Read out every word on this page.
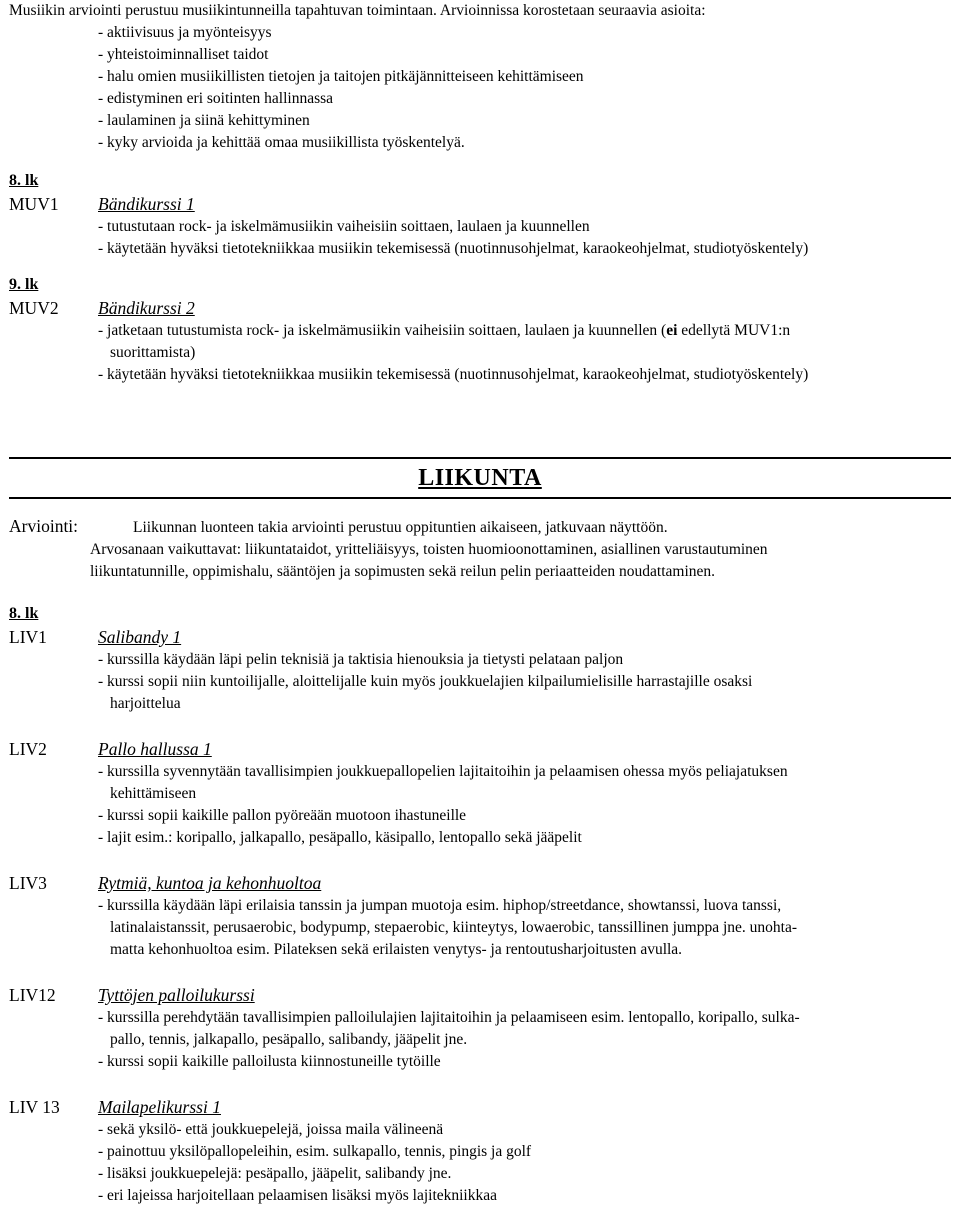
Musiikin arviointi perustuu musiikintunneilla tapahtuvan toimintaan. Arvioinnissa korostetaan seuraavia asioita:
- aktiivisuus ja myönteisyys
- yhteistoiminnalliset taidot
- halu omien musiikillisten tietojen ja taitojen pitkäjännitteiseen kehittämiseen
- edistyminen eri soitinten hallinnassa
- laulaminen ja siinä kehittyminen
- kyky arvioida ja kehittää omaa musiikillista työskentelyä.
8. lk
MUV1	Bändikurssi 1
- tutustutaan rock- ja iskelmämusiikin vaiheisiin soittaen, laulaen ja kuunnellen
- käytetään hyväksi tietotekniikkaa musiikin tekemisessä (nuotinnusohjelmat, karaokeohjelmat, studiotyöskentely)
9. lk
MUV2	Bändikurssi 2
- jatketaan tutustumista rock- ja iskelmämusiikin vaiheisiin soittaen, laulaen ja kuunnellen (ei edellytä MUV1:n
suorittamista)
- käytetään hyväksi tietotekniikkaa musiikin tekemisessä (nuotinnusohjelmat, karaokeohjelmat, studiotyöskentely)
LIIKUNTA
Arviointi:	Liikunnan luonteen takia arviointi perustuu oppituntien aikaiseen, jatkuvaan näyttöön.
Arvosanaan vaikuttavat: liikuntataidot, yritteliäisyys, toisten huomioonottaminen, asiallinen varustautuminen
liikuntatunnille, oppimishalu, sääntöjen ja sopimusten sekä reilun pelin periaatteiden noudattaminen.
8. lk
LIV1	Salibandy 1
- kurssilla käydään läpi pelin teknisiä ja taktisia hienouksia ja tietysti pelataan paljon
- kurssi sopii niin kuntoilijalle, aloittelijalle kuin myös joukkuelajien kilpailumielisille harrastajille osaksi
harjoittelua
LIV2	Pallo hallussa 1
- kurssilla syvennytään tavallisimpien joukkuepallopelien lajitaitoihin ja pelaamisen ohessa myös peliajatuksen
kehittämiseen
- kurssi sopii kaikille pallon pyöreään muotoon ihastuneille
- lajit esim.: koripallo, jalkapallo, pesäpallo, käsipallo, lentopallo sekä jääpelit
LIV3	Rytmiä, kuntoa ja kehonhuoltoa
- kurssilla käydään läpi erilaisia tanssin ja jumpan muotoja esim. hiphop/streetdance, showtanssi, luova tanssi,
latinalaistanssit, perusaerobic, bodypump, stepaerobic, kiinteytys, lowaerobic, tanssillinen jumppa jne. unohta-
matta kehonhuoltoa esim. Pilateksen sekä erilaisten venytys- ja rentoutusharjoitusten avulla.
LIV12	Tyttöjen palloilukurssi
- kurssilla perehdytään tavallisimpien palloilulajien lajitaitoihin ja pelaamiseen esim. lentopallo, koripallo, sulka-
pallo, tennis, jalkapallo, pesäpallo, salibandy, jääpelit jne.
- kurssi sopii kaikille palloilusta kiinnostuneille tytöille
LIV 13	Mailapelikurssi 1
- sekä yksilö- että joukkuepelejä, joissa maila välineenä
- painottuu yksilöpallopeleihin, esim. sulkapallo, tennis, pingis ja golf
- lisäksi joukkuepelejä: pesäpallo, jääpelit, salibandy jne.
- eri lajeissa harjoitellaan pelaamisen lisäksi myös lajitekniikkaa
